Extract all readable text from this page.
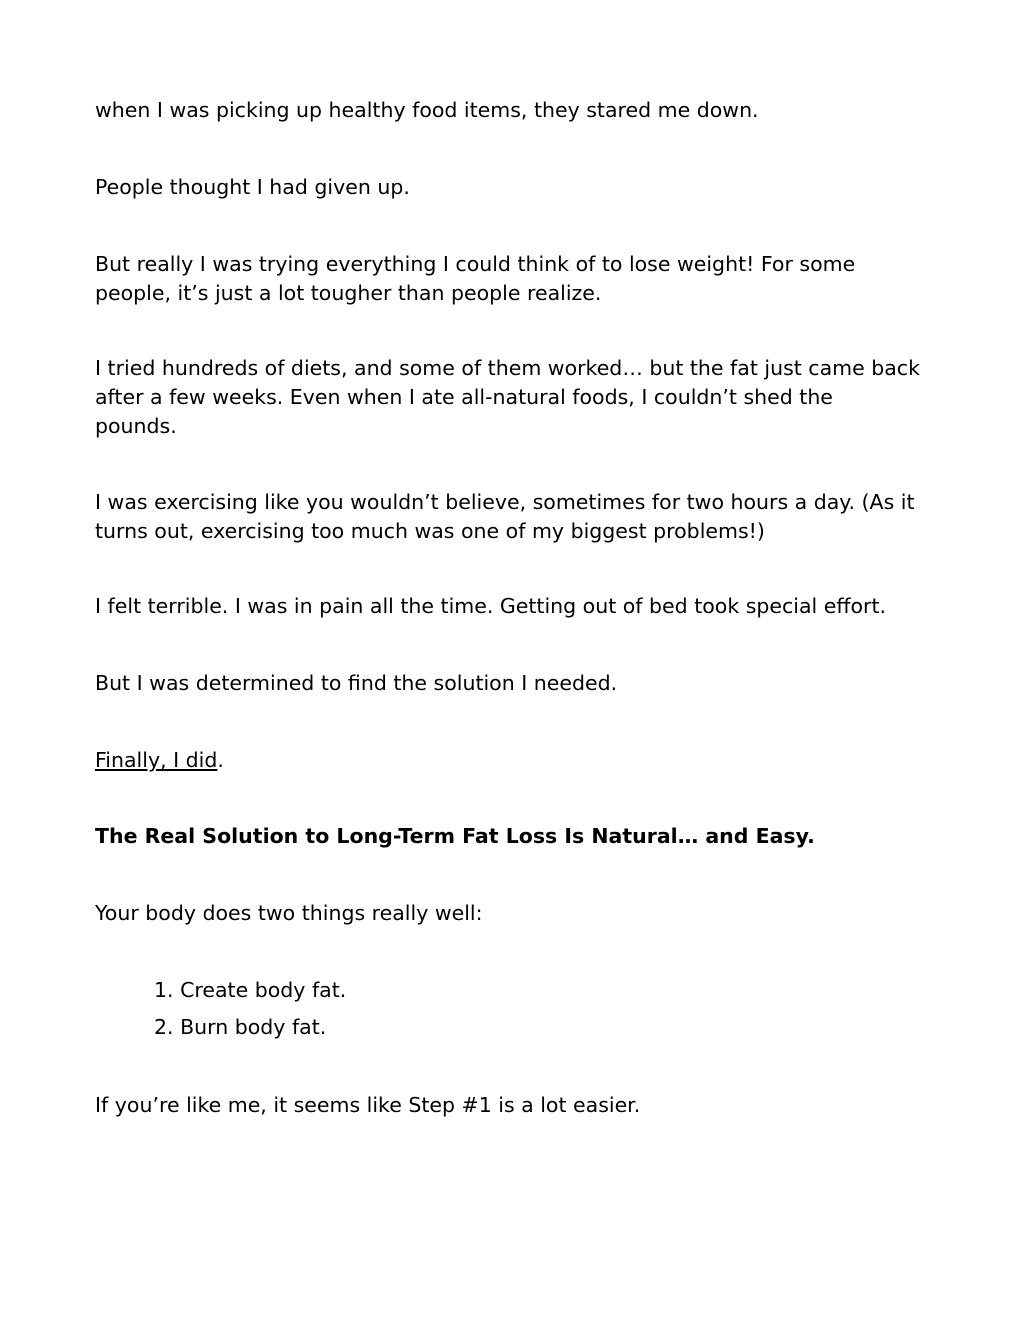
when I was picking up healthy food items, they stared me down.

People thought I had given up.

But really I was trying everything I could think of to lose weight! For some
people, it’s just a lot tougher than people realize.
I tried hundreds of diets, and some of them worked… but the fat just came back
after a few weeks. Even when I ate all-natural foods, I couldn’t shed the
pounds.
I was exercising like you wouldn’t believe, sometimes for two hours a day. (As it
turns out, exercising too much was one of my biggest problems!)

I felt terrible. I was in pain all the time. Getting out of bed took special effort.

But I was determined to find the solution I needed.

Finally, I did.

The Real Solution to Long-Term Fat Loss Is Natural… and Easy.

Your body does two things really well:

1. Create body fat.
2. Burn body fat.

If you’re like me, it seems like Step #1 is a lot easier.
